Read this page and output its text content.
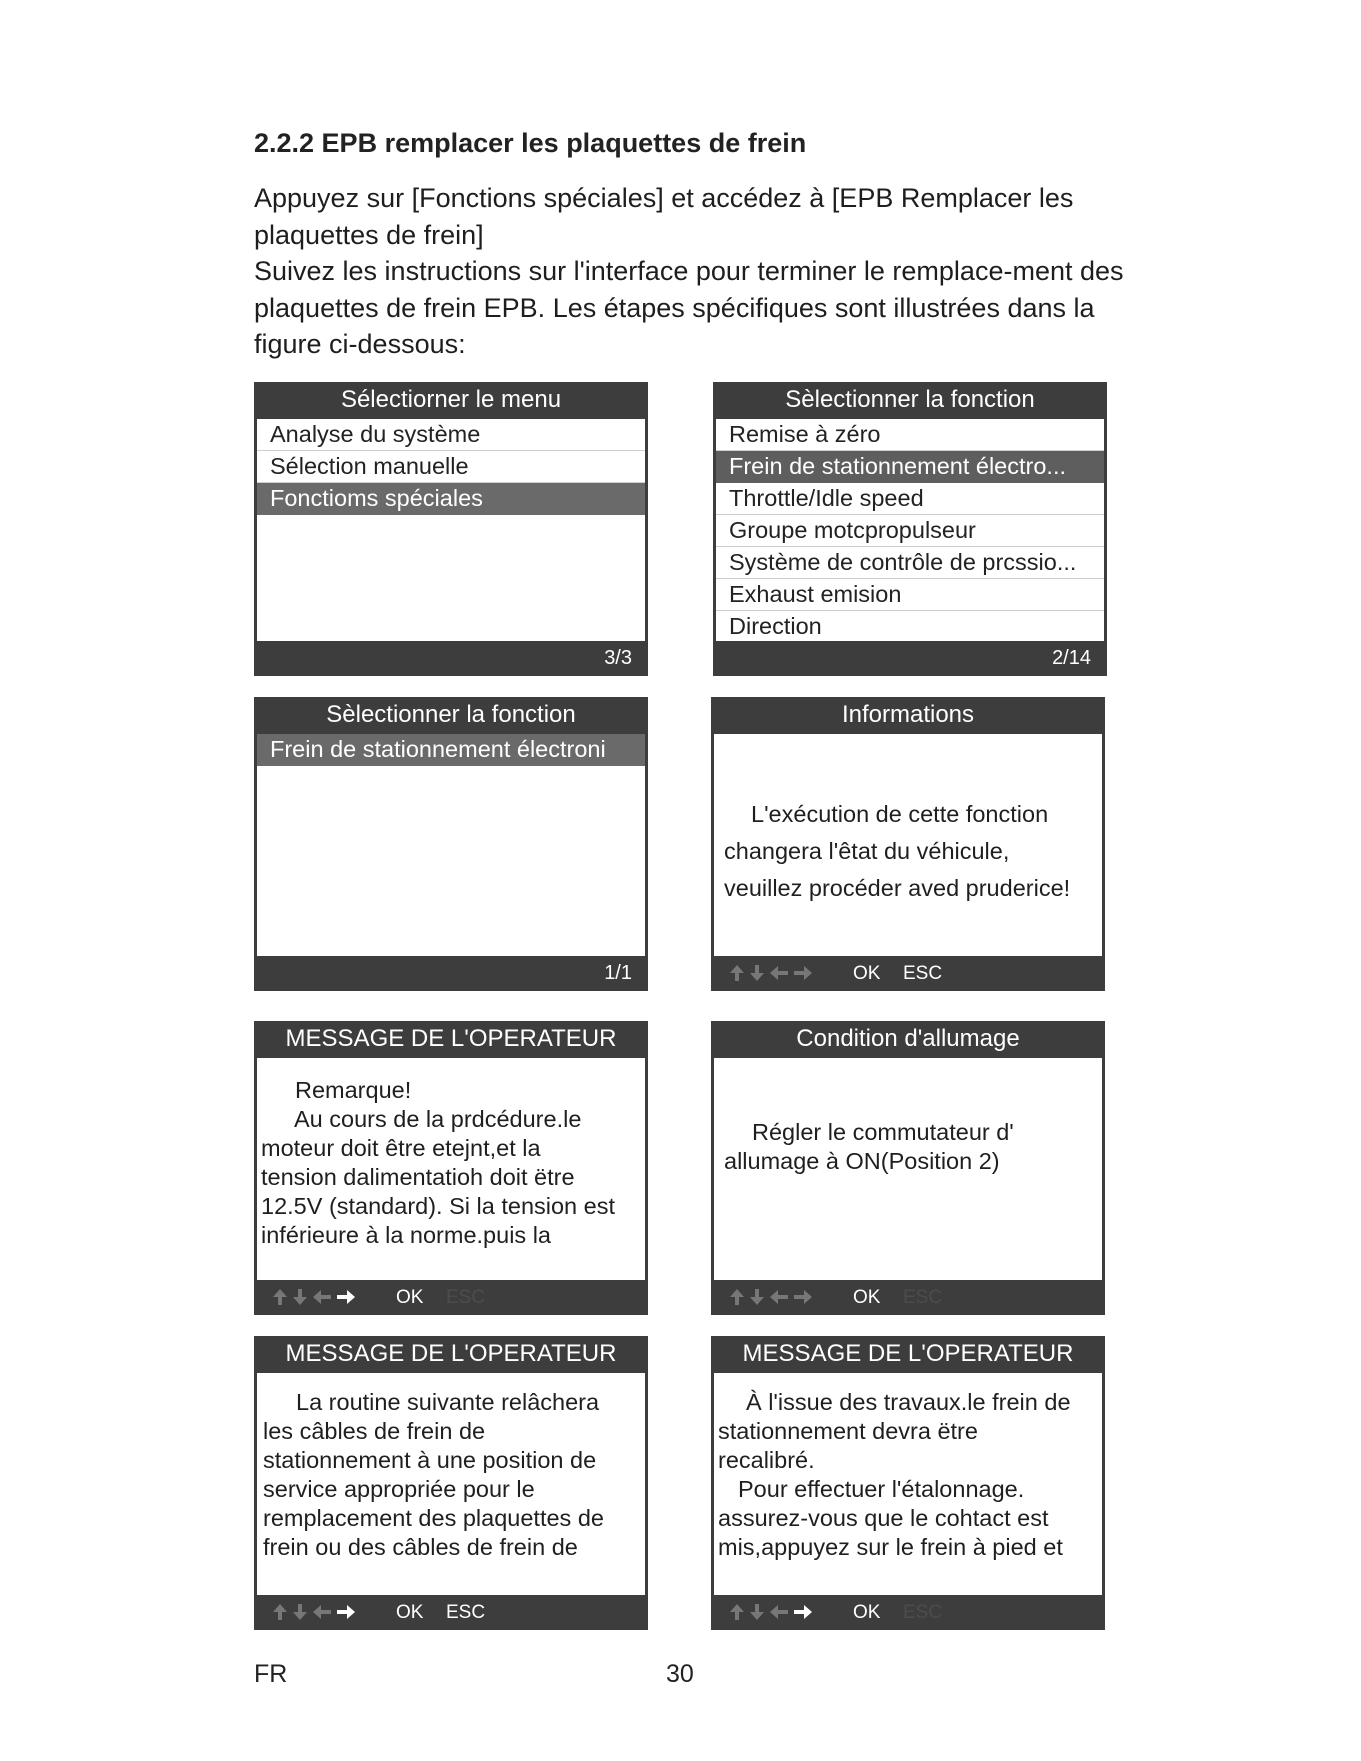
2.2.2 EPB remplacer les plaquettes de frein

Appuyez sur [Fonctions spéciales] et accédez à [EPB Remplacer les plaquettes de frein]

Suivez les instructions sur l'interface pour terminer le remplace-ment des plaquettes de frein EPB. Les étapes spécifiques sont illustrées dans la figure ci-dessous:

Sélectiorner le menu
Analyse du système
Sélection manuelle
Fonctioms spéciales
3/3
Sèlectionner la fonction
Remise à zéro
Frein de stationnement électro...
Throttle/Idle speed
Groupe motcpropulseur
Système de contrôle de prcssio...
Exhaust emision
Direction
2/14
Sèlectionner la fonction
Frein de stationnement électroni
1/1
Informations

L'exécution de cette fonction

changera l'êtat du véhicule,

veuillez procéder aved pruderice!

OK ESC
MESSAGE DE L'OPERATEUR

Remarque!

Au cours de la prdcédure.le

moteur doit être etejnt,et la

tension dalimentatioh doit ëtre

12.5V (standard). Si la tension est

inférieure à la norme.puis la

OK ESC
Condition d'allumage

Régler le commutateur d'

allumage à ON(Position 2)

OK ESC
MESSAGE DE L'OPERATEUR

La routine suivante relâchera

les câbles de frein de

stationnement à une position de

service appropriée pour le

remplacement des plaquettes de

frein ou des câbles de frein de

OK ESC
MESSAGE DE L'OPERATEUR

À l'issue des travaux.le frein de

stationnement devra ëtre

recalibré.

Pour effectuer l'étalonnage.

assurez-vous que le cohtact est

mis,appuyez sur le frein à pied et

OK ESC
FR	30
